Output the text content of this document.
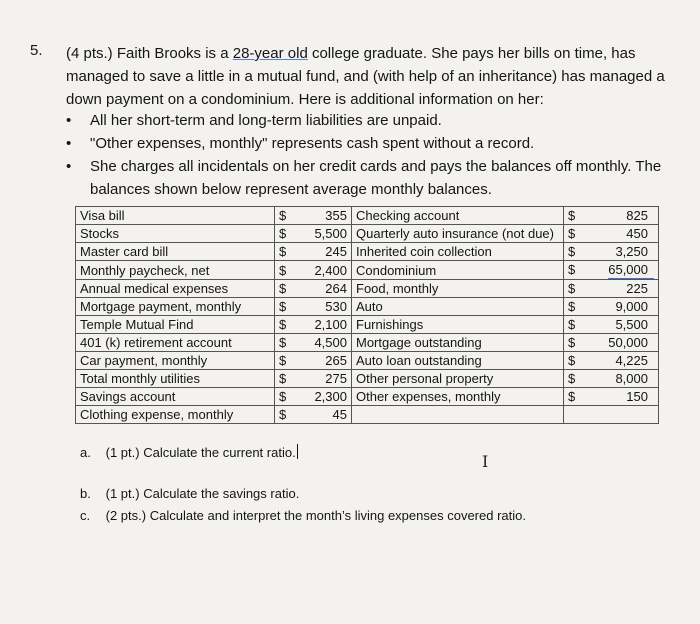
5. (4 pts.) Faith Brooks is a 28-year old college graduate. She pays her bills on time, has managed to save a little in a mutual fund, and (with help of an inheritance) has managed a down payment on a condominium. Here is additional information on her:
• All her short-term and long-term liabilities are unpaid.
• "Other expenses, monthly" represents cash spent without a record.
• She charges all incidentals on her credit cards and pays the balances off monthly. The balances shown below represent average monthly balances.
Visa bill	$	355	Checking account	$ 825

Stocks	$	5,500	Quarterly auto insurance (not due)	$ 450

Master card bill	$	245	Inherited coin collection	$ 3,250

Monthly paycheck, net	$	2,400	Condominium	$ 65,000

Annual medical expenses	$	264	Food, monthly	$ 225

Mortgage payment, monthly	$	530	Auto	$ 9,000

Temple Mutual Find	$	2,100	Furnishings	$ 5,500

401 (k) retirement account	$	4,500	Mortgage outstanding	$ 50,000

Car payment, monthly	$	265	Auto loan outstanding	$ 4,225

Total monthly utilities	$	275	Other personal property	$ 8,000

Savings account	$	2,300	Other expenses, monthly	$ 150

Clothing expense, monthly	$	45		
a. (1 pt.) Calculate the current ratio.	I
b. (1 pt.) Calculate the savings ratio.
c. (2 pts.) Calculate and interpret the month’s living expenses covered ratio.
